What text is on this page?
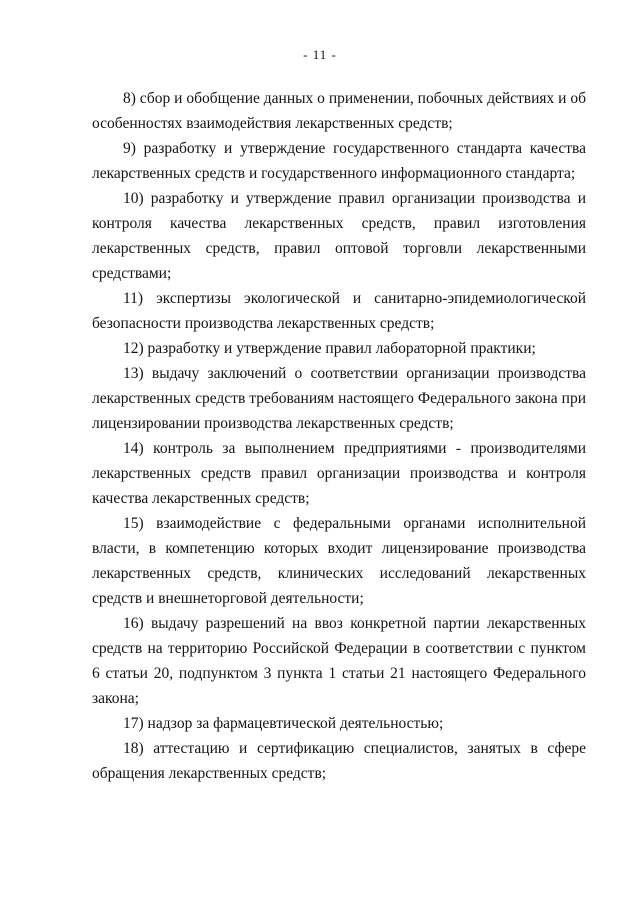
- 11 -

8) сбор и обобщение данных о применении, побочных действиях и об особенностях взаимодействия лекарственных средств;

9) разработку и утверждение государственного стандарта качества лекарственных средств и государственного информационного стандарта;

10) разработку и утверждение правил организации производства и контроля качества лекарственных средств, правил изготовления лекарственных средств, правил оптовой торговли лекарственными средствами;

11) экспертизы экологической и санитарно-эпидемиологической безопасности производства лекарственных средств;

12) разработку и утверждение правил лабораторной практики;

13) выдачу заключений о соответствии организации производства лекарственных средств требованиям настоящего Федерального закона при лицензировании производства лекарственных средств;

14) контроль за выполнением предприятиями - производителями лекарственных средств правил организации производства и контроля качества лекарственных средств;

15) взаимодействие с федеральными органами исполнительной власти, в компетенцию которых входит лицензирование производства лекарственных средств, клинических исследований лекарственных средств и внешнеторговой деятельности;

16) выдачу разрешений на ввоз конкретной партии лекарственных средств на территорию Российской Федерации в соответствии с пунктом 6 статьи 20, подпунктом 3 пункта 1 статьи 21 настоящего Федерального закона;

17) надзор за фармацевтической деятельностью;

18) аттестацию и сертификацию специалистов, занятых в сфере обращения лекарственных средств;
